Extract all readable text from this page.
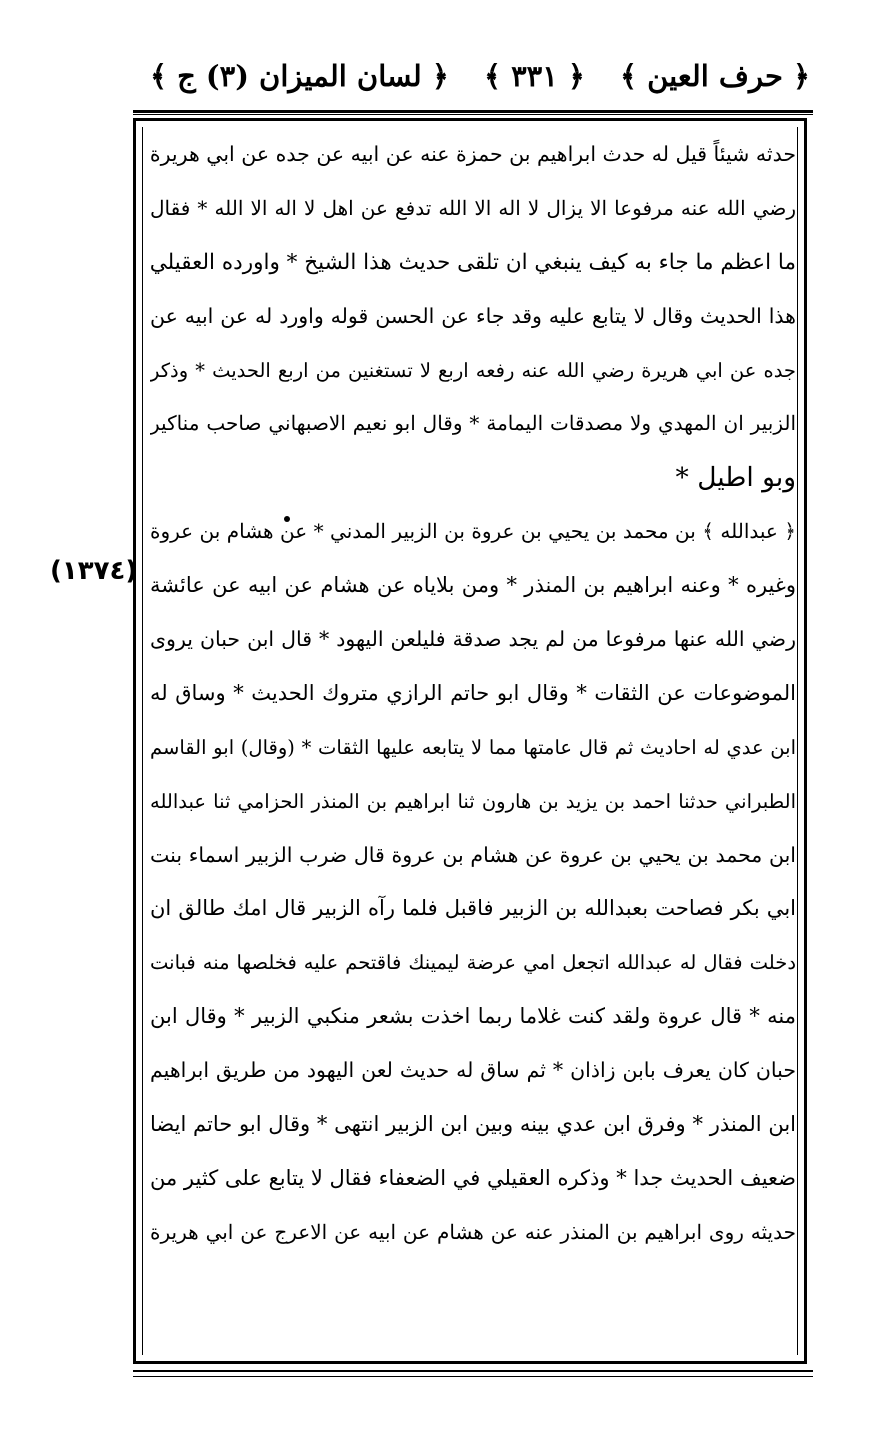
﴿ حرف العين ﴾
﴿ ٣٣١ ﴾
﴿ لسان الميزان (٣) ج ﴾
(١٣٧٤)
حدثه شيئاً قيل له حدث ابراهيم بن حمزة عنه عن ابيه عن جده عن ابي هريرة
رضي الله عنه مرفوعا الا يزال لا اله الا الله تدفع عن اهل لا اله الا الله * فقال
ما اعظم ما جاء به كيف ينبغي ان تلقى حديث هذا الشيخ * واورده العقيلي
هذا الحديث وقال لا يتابع عليه وقد جاء عن الحسن قوله واورد له عن ابيه عن
جده عن ابي هريرة رضي الله عنه رفعه اربع لا تستغنين من اربع الحديث * وذكر
الزبير ان المهدي ولا مصدقات اليمامة * وقال ابو نعيم الاصبهاني صاحب مناكير
وبو اطيل *
﴿ عبدالله ﴾ بن محمد بن يحيي بن عروة بن الزبير المدني * عن هشام بن عروة
وغيره * وعنه ابراهيم بن المنذر * ومن بلاياه عن هشام عن ابيه عن عائشة
رضي الله عنها مرفوعا من لم يجد صدقة فليلعن اليهود * قال ابن حبان يروى
الموضوعات عن الثقات * وقال ابو حاتم الرازي متروك الحديث * وساق له
ابن عدي له احاديث ثم قال عامتها مما لا يتابعه عليها الثقات * (وقال) ابو القاسم
الطبراني حدثنا احمد بن يزيد بن هارون ثنا ابراهيم بن المنذر الحزامي ثنا عبدالله
ابن محمد بن يحيي بن عروة عن هشام بن عروة قال ضرب الزبير اسماء بنت
ابي بكر فصاحت بعبدالله بن الزبير فاقبل فلما رآه الزبير قال امك طالق ان
دخلت فقال له عبدالله اتجعل امي عرضة ليمينك فاقتحم عليه فخلصها منه فبانت
منه * قال عروة ولقد كنت غلاما ربما اخذت بشعر منكبي الزبير * وقال ابن
حبان كان يعرف بابن زاذان * ثم ساق له حديث لعن اليهود من طريق ابراهيم
ابن المنذر * وفرق ابن عدي بينه وبين ابن الزبير انتهى * وقال ابو حاتم ايضا
ضعيف الحديث جدا * وذكره العقيلي في الضعفاء فقال لا يتابع على كثير من
حديثه روى ابراهيم بن المنذر عنه عن هشام عن ابيه عن الاعرج عن ابي هريرة
